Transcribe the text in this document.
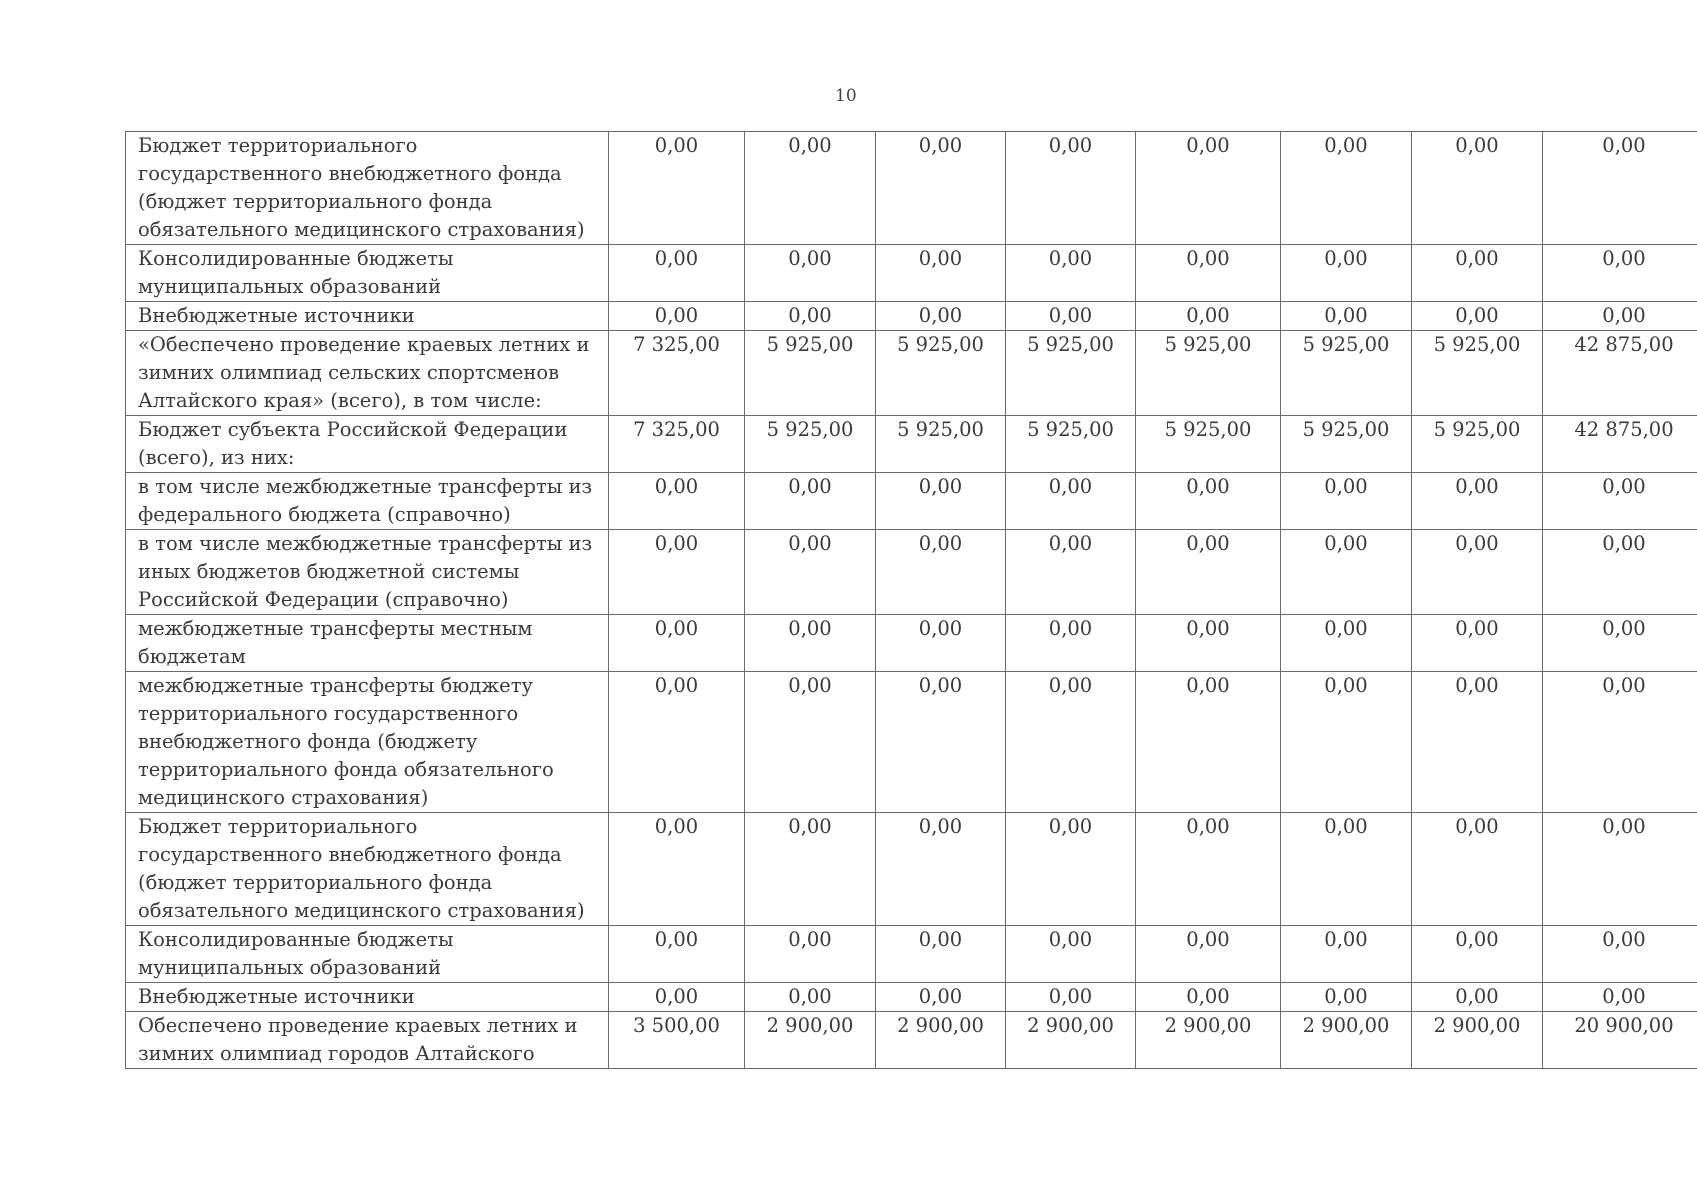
10
Бюджет территориального государственного внебюджетного фонда (бюджет территориального фонда обязательного медицинского страхования)	0,00	0,00	0,00	0,00	0,00	0,00	0,00	0,00
Консолидированные бюджеты муниципальных образований	0,00	0,00	0,00	0,00	0,00	0,00	0,00	0,00
Внебюджетные источники	0,00	0,00	0,00	0,00	0,00	0,00	0,00	0,00
«Обеспечено проведение краевых летних и зимних олимпиад сельских спортсменов Алтайского края» (всего), в том числе:	7 325,00	5 925,00	5 925,00	5 925,00	5 925,00	5 925,00	5 925,00	42 875,00
Бюджет субъекта Российской Федерации (всего), из них:	7 325,00	5 925,00	5 925,00	5 925,00	5 925,00	5 925,00	5 925,00	42 875,00
в том числе межбюджетные трансферты из федерального бюджета (справочно)	0,00	0,00	0,00	0,00	0,00	0,00	0,00	0,00
в том числе межбюджетные трансферты из иных бюджетов бюджетной системы Российской Федерации (справочно)	0,00	0,00	0,00	0,00	0,00	0,00	0,00	0,00
межбюджетные трансферты местным бюджетам	0,00	0,00	0,00	0,00	0,00	0,00	0,00	0,00
межбюджетные трансферты бюджету территориального государственного внебюджетного фонда (бюджету территориального фонда обязательного медицинского страхования)	0,00	0,00	0,00	0,00	0,00	0,00	0,00	0,00
Бюджет территориального государственного внебюджетного фонда (бюджет территориального фонда обязательного медицинского страхования)	0,00	0,00	0,00	0,00	0,00	0,00	0,00	0,00
Консолидированные бюджеты муниципальных образований	0,00	0,00	0,00	0,00	0,00	0,00	0,00	0,00
Внебюджетные источники	0,00	0,00	0,00	0,00	0,00	0,00	0,00	0,00
Обеспечено проведение краевых летних и зимних олимпиад городов Алтайского	3 500,00	2 900,00	2 900,00	2 900,00	2 900,00	2 900,00	2 900,00	20 900,00
